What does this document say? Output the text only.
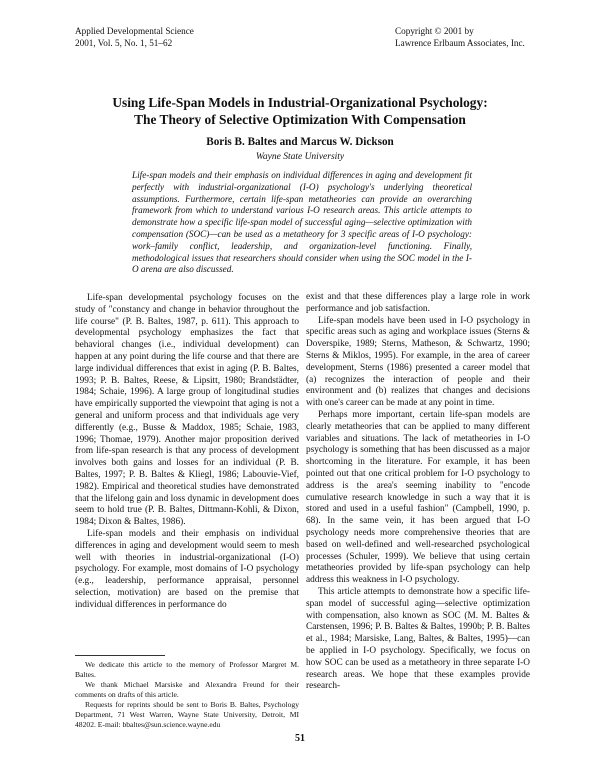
Applied Developmental Science
2001, Vol. 5, No. 1, 51–62
Copyright © 2001 by
Lawrence Erlbaum Associates, Inc.
Using Life-Span Models in Industrial-Organizational Psychology:
The Theory of Selective Optimization With Compensation
Boris B. Baltes and Marcus W. Dickson
Wayne State University

Life-span models and their emphasis on individual differences in aging and development fit perfectly with industrial-organizational (I-O) psychology's underlying theoretical assumptions. Furthermore, certain life-span metatheories can provide an overarching framework from which to understand various I-O research areas. This article attempts to demonstrate how a specific life-span model of successful aging—selective optimization with compensation (SOC)—can be used as a metatheory for 3 specific areas of I-O psychology: work–family conflict, leadership, and organization-level functioning. Finally, methodological issues that researchers should consider when using the SOC model in the I-O arena are also discussed.

Life-span developmental psychology focuses on the study of "constancy and change in behavior throughout the life course" (P. B. Baltes, 1987, p. 611). This approach to developmental psychology emphasizes the fact that behavioral changes (i.e., individual development) can happen at any point during the life course and that there are large individual differences that exist in aging (P. B. Baltes, 1993; P. B. Baltes, Reese, & Lipsitt, 1980; Brandstädter, 1984; Schaie, 1996). A large group of longitudinal studies have empirically supported the viewpoint that aging is not a general and uniform process and that individuals age very differently (e.g., Busse & Maddox, 1985; Schaie, 1983, 1996; Thomae, 1979). Another major proposition derived from life-span research is that any process of development involves both gains and losses for an individual (P. B. Baltes, 1997; P. B. Baltes & Kliegl, 1986; Labouvie-Vief, 1982). Empirical and theoretical studies have demonstrated that the lifelong gain and loss dynamic in development does seem to hold true (P. B. Baltes, Dittmann-Kohli, & Dixon, 1984; Dixon & Baltes, 1986).

Life-span models and their emphasis on individual differences in aging and development would seem to mesh well with theories in industrial-organizational (I-O) psychology. For example, most domains of I-O psychology (e.g., leadership, performance appraisal, personnel selection, motivation) are based on the premise that individual differences in performance do

exist and that these differences play a large role in work performance and job satisfaction.

Life-span models have been used in I-O psychology in specific areas such as aging and workplace issues (Sterns & Doverspike, 1989; Sterns, Matheson, & Schwartz, 1990; Sterns & Miklos, 1995). For example, in the area of career development, Sterns (1986) presented a career model that (a) recognizes the interaction of people and their environment and (b) realizes that changes and decisions with one's career can be made at any point in time.

Perhaps more important, certain life-span models are clearly metatheories that can be applied to many different variables and situations. The lack of metatheories in I-O psychology is something that has been discussed as a major shortcoming in the literature. For example, it has been pointed out that one critical problem for I-O psychology to address is the area's seeming inability to "encode cumulative research knowledge in such a way that it is stored and used in a useful fashion" (Campbell, 1990, p. 68). In the same vein, it has been argued that I-O psychology needs more comprehensive theories that are based on well-defined and well-researched psychological processes (Schuler, 1999). We believe that using certain metatheories provided by life-span psychology can help address this weakness in I-O psychology.

This article attempts to demonstrate how a specific life-span model of successful aging—selective optimization with compensation, also known as SOC (M. M. Baltes & Carstensen, 1996; P. B. Baltes & Baltes, 1990b; P. B. Baltes et al., 1984; Marsiske, Lang, Baltes, & Baltes, 1995)—can be applied in I-O psychology. Specifically, we focus on how SOC can be used as a metatheory in three separate I-O research areas. We hope that these examples provide research-

We dedicate this article to the memory of Professor Margret M. Baltes.

We thank Michael Marsiske and Alexandra Freund for their comments on drafts of this article.

Requests for reprints should be sent to Boris B. Baltes, Psychology Department, 71 West Warren, Wayne State University, Detroit, MI 48202. E-mail: bbaltes@sun.science.wayne.edu

51
